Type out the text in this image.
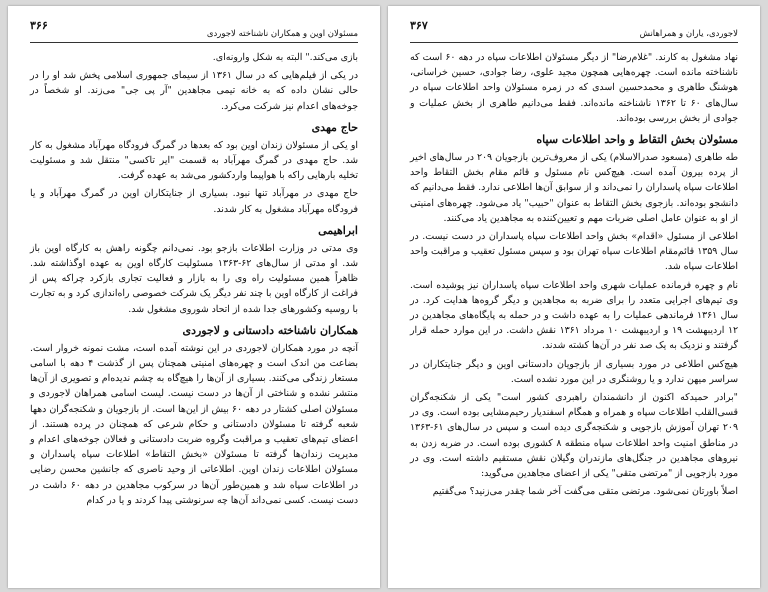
۳۶۶
مسئولان اوین و همکاران ناشناخته لاجوردی

بازی می‌کند." البته به شکل وارونه‌ای.

در یکی از فیلم‌هایی که در سال ۱۳۶۱ از سیمای جمهوری اسلامی پخش شد او را در حالی نشان داده که به خانه تیمی مجاهدین "آر پی جی" می‌زند. او شخصاً در جوخه‌های اعدام نیز شرکت می‌کرد.

حاج مهدی

او یکی از مسئولان زندان اوین بود که بعدها در گمرگ فرودگاه مهرآباد مشغول به کار شد. حاج مهدی در گمرگ مهرآباد به قسمت "ایر تاکسی" منتقل شد و مسئولیت تخلیه بارهایی راکه با هواپیما واردکشور می‌شد به عهده گرفت.

حاج مهدی در مهرآباد تنها نبود. بسیاری از جنایتکاران اوین در گمرگ مهرآباد و یا فرودگاه مهرآباد مشغول به کار شدند.

ابراهیمی

وی مدتی در وزارت اطلاعات بازجو بود. نمی‌دانم چگونه راهش به کارگاه اوین باز شد. او مدتی از سال‌های ۶۲-۱۳۶۳ مسئولیت کارگاه اوین به عهده اوگذاشته شد. ظاهراً همین مسئولیت راه وی را به بازار و فعالیت تجاری بازکرد چراکه پس از فراغت از کارگاه اوین با چند نفر دیگر یک شرکت خصوصی راه‌اندازی کرد و به تجارت با روسیه وکشورهای جدا شده از اتحاد شوروی مشغول شد.

همکاران ناشناخته دادستانی و لاجوردی

آنچه در مورد همکاران لاجوردی در این نوشته آمده است، مشت نمونه خروار است. بضاعت من اندک است و چهره‌های امنیتی همچنان پس از گذشت ۴ دهه با اسامی مستعار زندگی می‌کنند. بسیاری از آن‌ها را هیچ‌گاه به چشم ندیده‌ام و تصویری از آن‌ها منتشر نشده و شناختی از آن‌ها در دست نیست. لیست اسامی همراهان لاجوردی و مسئولان اصلی کشتار در دهه ۶۰ بیش از این‌ها است. از بازجویان و شکنجه‌گران دهها شعبه گرفته تا مسئولان دادستانی و حکام شرعی که همچنان در پرده هستند. از اعضای تیم‌های تعقیب و مراقبت وگروه ضربت دادستانی و فعالان جوخه‌های اعدام و مدیریت زندان‌ها گرفته تا مسئولان «بخش التقاط» اطلاعات سپاه پاسداران و مسئولان اطلاعات زندان اوین. اطلاعاتی از وحید ناصری که جانشین محسن رضایی در اطلاعات سپاه شد و همین‌طور آن‌ها در سرکوب مجاهدین در دهه ۶۰ داشت در دست نیست. کسی نمی‌داند آن‌ها چه سرنوشتی پیدا کردند و یا در کدام

۳۶۷
لاجوردی، یاران و همراهانش

نهاد مشغول به کارند. "غلام‌رضا" از دیگر مسئولان اطلاعات سپاه در دهه ۶۰ است که ناشناخته مانده است. چهره‌هایی همچون مجید علوی، رضا جوادی، حسین خراسانی، هوشنگ طاهری و محمدحسین اسدی که در زمره مسئولان واحد اطلاعات سپاه در سال‌های ۶۰ تا ۱۳۶۲ ناشناخته مانده‌اند. فقط می‌دانیم طاهری از بخش عملیات و جوادی از بخش بررسی بوده‌اند.

مسئولان بخش التقاط و واحد اطلاعات سپاه

طه طاهری (مسعود صدرالاسلام) یکی از معروف‌ترین بازجویان ۲۰۹ در سال‌های اخیر از پرده بیرون آمده است. هیچ‌کس نام مسئول و قائم مقام بخش التقاط واحد اطلاعات سپاه پاسداران را نمی‌داند و از سوابق آن‌ها اطلاعی ندارد. فقط می‌دانیم که دانشجو بوده‌اند. بازجوی بخش التقاط به عنوان "حبیب" یاد می‌شود. چهره‌های امنیتی از او به عنوان عامل اصلی ضربات مهم و تعیین‌کننده به مجاهدین یاد می‌کنند.

اطلاعی از مسئول «اقدام» بخش واحد اطلاعات سپاه پاسداران در دست نیست. در سال ۱۳۵۹ قائم‌مقام اطلاعات سپاه تهران بود و سپس مسئول تعقیب و مراقبت واحد اطلاعات سپاه شد.

نام و چهره فرمانده عملیات شهری واحد اطلاعات سپاه پاسداران نیز پوشیده است. وی تیم‌های اجرایی متعدد را برای ضربه به مجاهدین و دیگر گروه‌ها هدایت کرد. در سال ۱۳۶۱ فرماندهی عملیات را به عهده داشت و در حمله به پایگاه‌های مجاهدین در ۱۲ اردیبهشت ۱۹ و اردیبهشت ۱۰ مرداد ۱۳۶۱ نقش داشت. در این موارد حمله قرار گرفتند و نزدیک به یک صد نفر در آن‌ها کشته شدند.

هیچ‌کس اطلاعی در مورد بسیاری از بازجویان دادستانی اوین و دیگر جنایتکاران در سراسر میهن ندارد و یا روشنگری در این مورد نشده است.

"برادر حمیدکه اکنون از دانشمندان راهبردی کشور است" یکی از شکنجه‌گران قسی‌القلب اطلاعات سپاه و همراه و همگام اسفندیار رحیم‌مشایی بوده است. وی در ۲۰۹ تهران آموزش بازجویی و شکنجه‌گری دیده است و سپس در سال‌های ۶۱-۱۳۶۳ در مناطق امنیت واحد اطلاعات سپاه منطقه ۸ کشوری بوده است. در ضربه زدن به نیروهای مجاهدین در جنگل‌های مازندران وگیلان نقش مستقیم داشته است. وی در مورد بازجویی از "مرتضی متقی" یکی از اعضای مجاهدین می‌گوید:

اصلاً باورتان نمی‌شود. مرتضی متقی می‌گفت آخر شما چقدر می‌زنید؟ می‌گفتیم
